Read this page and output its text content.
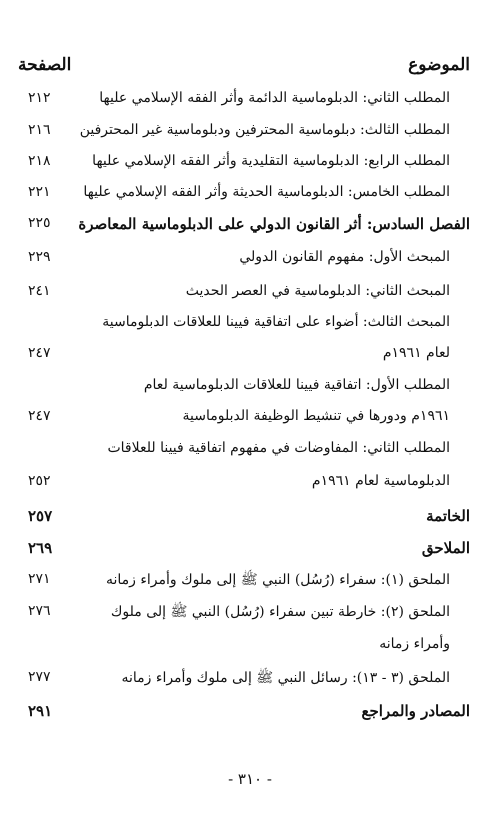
الموضوع
الصفحة
المطلب الثاني: الدبلوماسية الدائمة وأثر الفقه الإسلامي عليها
٢١٢
المطلب الثالث: دبلوماسية المحترفين ودبلوماسية غير المحترفين
٢١٦
المطلب الرابع: الدبلوماسية التقليدية وأثر الفقه الإسلامي عليها
٢١٨
المطلب الخامس: الدبلوماسية الحديثة وأثر الفقه الإسلامي عليها
٢٢١
الفصل السادس: أثر القانون الدولي على الدبلوماسية المعاصرة
٢٢٥
المبحث الأول: مفهوم القانون الدولي
٢٢٩
المبحث الثاني: الدبلوماسية في العصر الحديث
٢٤١
المبحث الثالث: أضواء على اتفاقية فيينا للعلاقات الدبلوماسية
لعام ١٩٦١م
٢٤٧
المطلب الأول: اتفاقية فيينا للعلاقات الدبلوماسية لعام
١٩٦١م ودورها في تنشيط الوظيفة الدبلوماسية
٢٤٧
المطلب الثاني: المفاوضات في مفهوم اتفاقية فيينا للعلاقات
الدبلوماسية لعام ١٩٦١م
٢٥٢
الخاتمة
٢٥٧
الملاحق
٢٦٩
الملحق (١): سفراء (رُسُل) النبي ﷺ إلى ملوك وأمراء زمانه
٢٧١
الملحق (٢): خارطة تبين سفراء (رُسُل) النبي ﷺ إلى ملوك
٢٧٦
وأمراء زمانه
الملحق (٣ - ١٣): رسائل النبي ﷺ إلى ملوك وأمراء زمانه
٢٧٧
المصادر والمراجع
٢٩١
- ٣١٠ -
